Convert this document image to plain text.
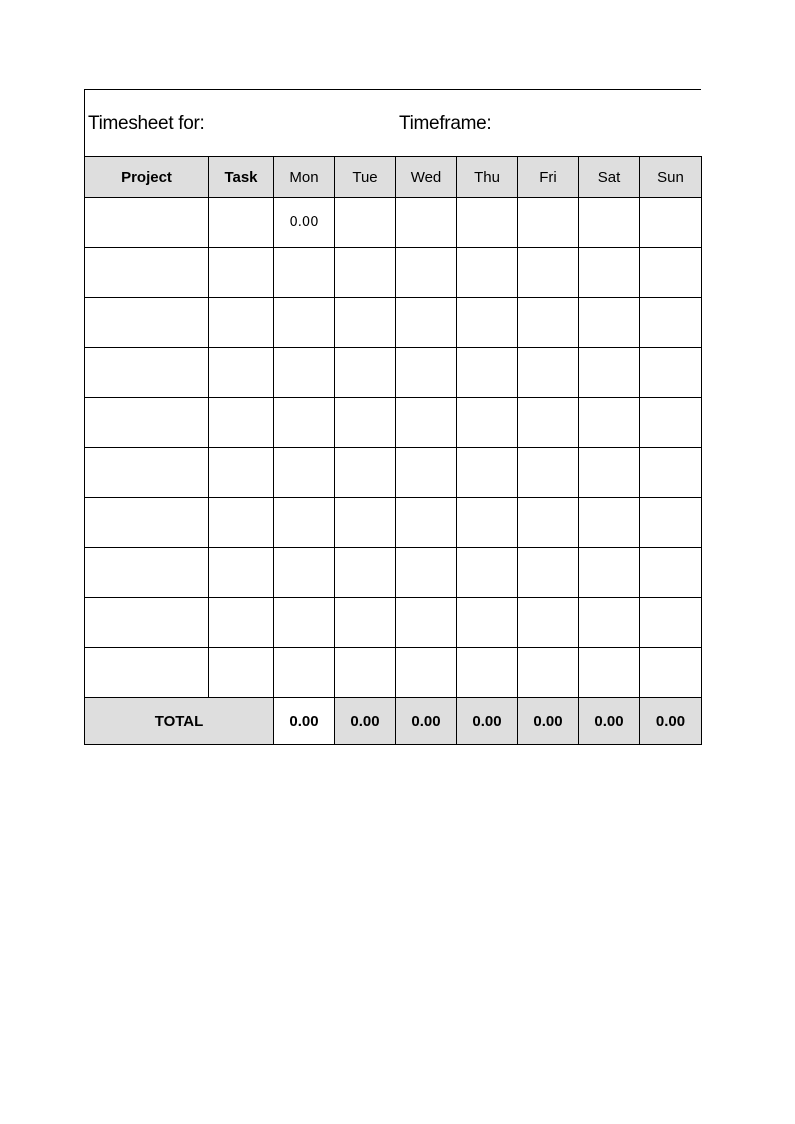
Timesheet for:	Timeframe:
Project	Task	Mon	Tue	Wed	Thu	Fri	Sat	Sun
		0.00						

TOTAL		0.00	0.00	0.00	0.00	0.00	0.00	0.00
